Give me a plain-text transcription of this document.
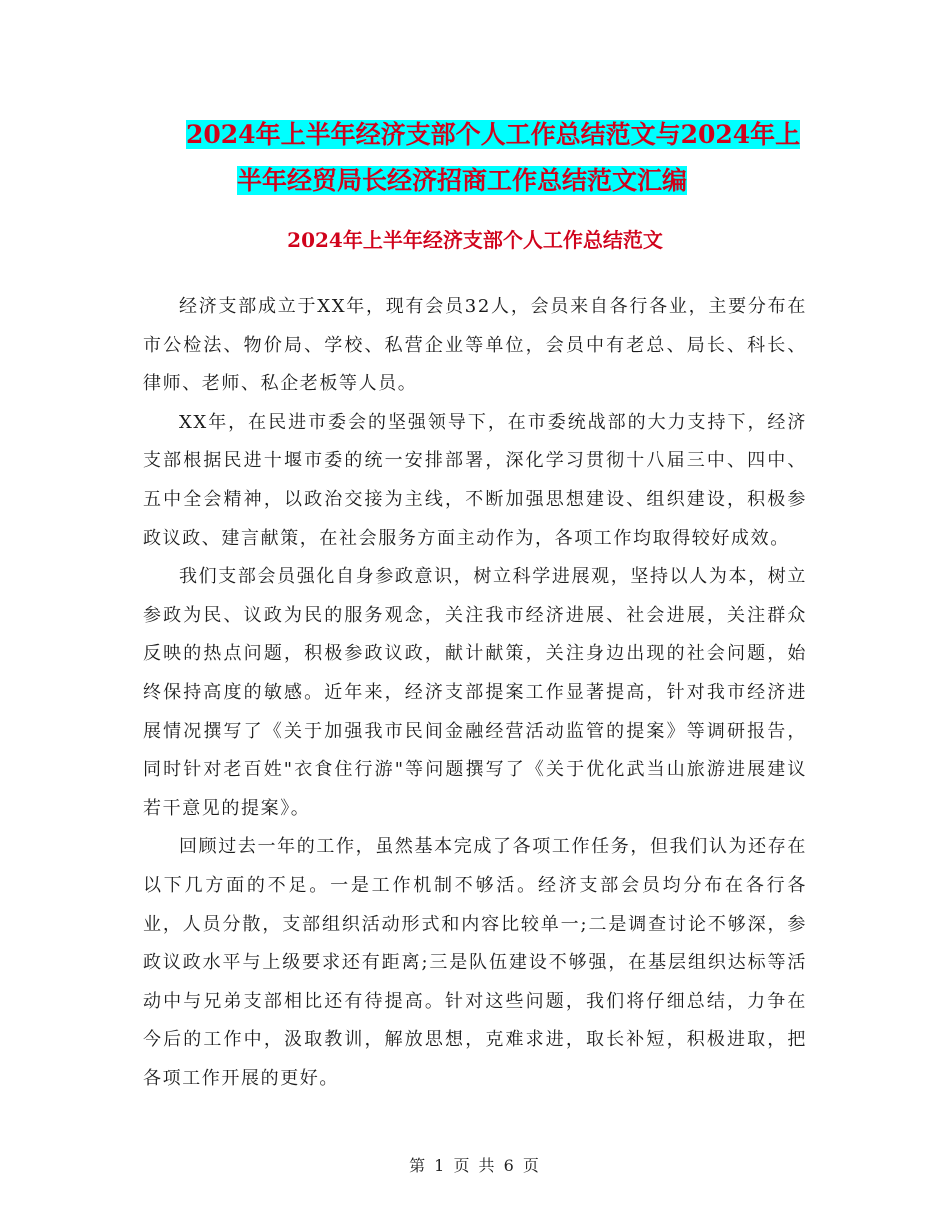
2024年上半年经济支部个人工作总结范文与2024年上
半年经贸局长经济招商工作总结范文汇编
2024年上半年经济支部个人工作总结范文

经济支部成立于XX年，现有会员32人，会员来自各行各业，主要分布在市公检法、物价局、学校、私营企业等单位，会员中有老总、局长、科长、律师、老师、私企老板等人员。

XX年，在民进市委会的坚强领导下，在市委统战部的大力支持下，经济支部根据民进十堰市委的统一安排部署，深化学习贯彻十八届三中、四中、五中全会精神，以政治交接为主线，不断加强思想建设、组织建设，积极参政议政、建言献策，在社会服务方面主动作为，各项工作均取得较好成效。

我们支部会员强化自身参政意识，树立科学进展观，坚持以人为本，树立参政为民、议政为民的服务观念，关注我市经济进展、社会进展，关注群众反映的热点问题，积极参政议政，献计献策，关注身边出现的社会问题，始终保持高度的敏感。近年来，经济支部提案工作显著提高，针对我市经济进展情况撰写了《关于加强我市民间金融经营活动监管的提案》等调研报告，同时针对老百姓"衣食住行游"等问题撰写了《关于优化武当山旅游进展建议若干意见的提案》。

回顾过去一年的工作，虽然基本完成了各项工作任务，但我们认为还存在以下几方面的不足。一是工作机制不够活。经济支部会员均分布在各行各业，人员分散，支部组织活动形式和内容比较单一;二是调查讨论不够深，参政议政水平与上级要求还有距离;三是队伍建设不够强，在基层组织达标等活动中与兄弟支部相比还有待提高。针对这些问题，我们将仔细总结，力争在今后的工作中，汲取教训，解放思想，克难求进，取长补短，积极进取，把各项工作开展的更好。

第 1 页 共 6 页
